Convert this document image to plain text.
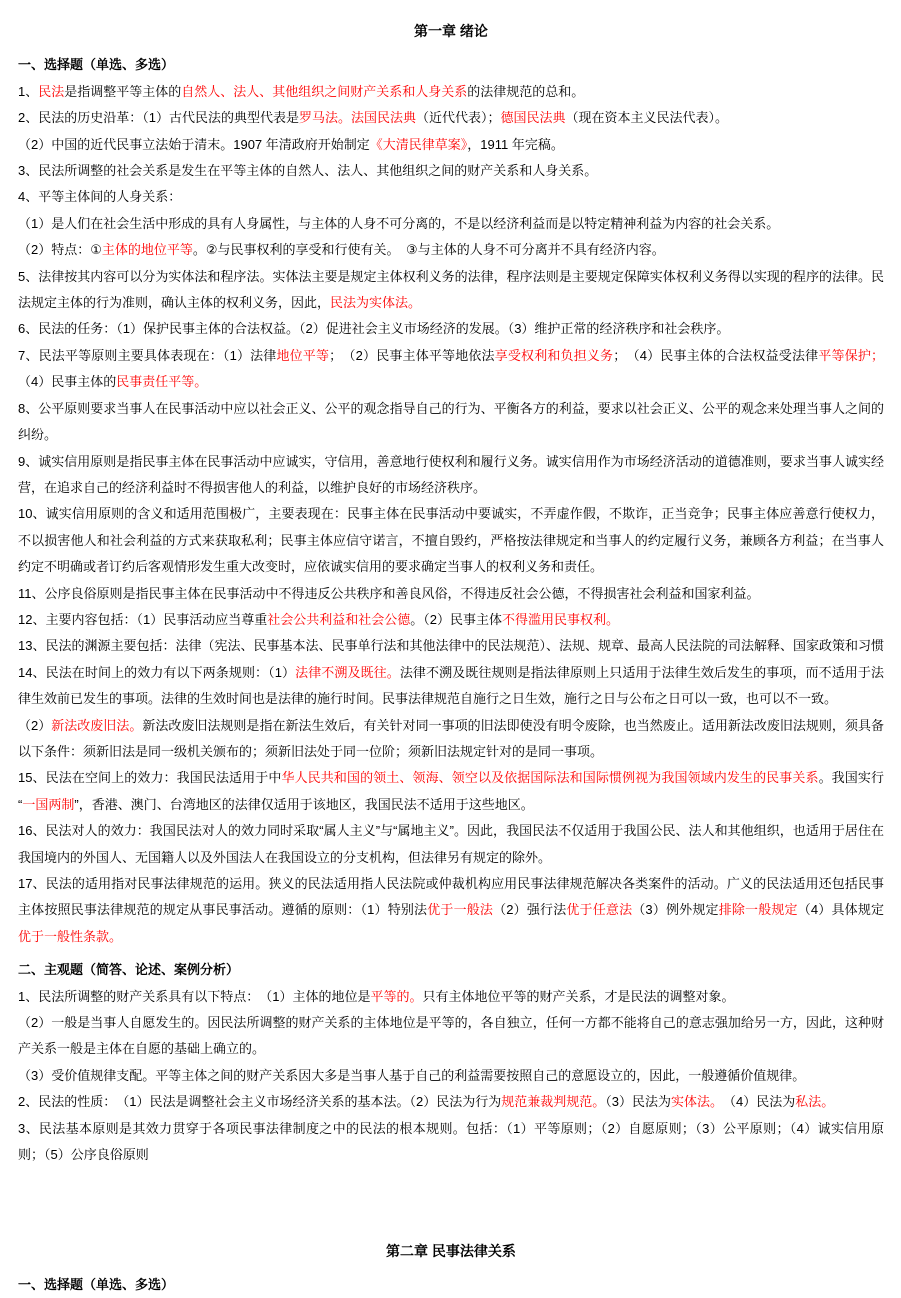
第一章 绪论
一、选择题（单选、多选）
1、民法是指调整平等主体的自然人、法人、其他组织之间财产关系和人身关系的法律规范的总和。
2、民法的历史沿革：（1）古代民法的典型代表是罗马法。法国民法典（近代代表）；德国民法典（现在资本主义民法代表）。
（2）中国的近代民事立法始于清末。1907 年清政府开始制定《大清民律草案》，1911 年完稿。
3、民法所调整的社会关系是发生在平等主体的自然人、法人、其他组织之间的财产关系和人身关系。
4、平等主体间的人身关系：
（1）是人们在社会生活中形成的具有人身属性，与主体的人身不可分离的，不是以经济利益而是以特定精神利益为内容的社会关系。
（2）特点：①主体的地位平等。②与民事权利的享受和行使有关。　③与主体的人身不可分离并不具有经济内容。
5、法律按其内容可以分为实体法和程序法。实体法主要是规定主体权利义务的法律，程序法则是主要规定保障实体权利义务得以实现的程序的法律。民法规定主体的行为准则，确认主体的权利义务，因此，民法为实体法。
6、民法的任务：（1）保护民事主体的合法权益。（2）促进社会主义市场经济的发展。（3）维护正常的经济秩序和社会秩序。
7、民法平等原则主要具体表现在：（1）法律地位平等；　（2）民事主体平等地依法享受权利和负担义务；　（4）民事主体的合法权益受法律平等保护；（4）民事主体的民事责任平等。
8、公平原则要求当事人在民事活动中应以社会正义、公平的观念指导自己的行为、平衡各方的利益，要求以社会正义、公平的观念来处理当事人之间的纠纷。
9、诚实信用原则是指民事主体在民事活动中应诚实，守信用，善意地行使权利和履行义务。诚实信用作为市场经济活动的道德准则，要求当事人诚实经营，在追求自己的经济利益时不得损害他人的利益，以维护良好的市场经济秩序。
10、诚实信用原则的含义和适用范围极广，主要表现在：民事主体在民事活动中要诚实，不弄虚作假，不欺诈，正当竞争；民事主体应善意行使权力，不以损害他人和社会利益的方式来获取私利；民事主体应信守诺言，不擅自毁约，严格按法律规定和当事人的约定履行义务，兼顾各方利益；在当事人约定不明确或者订约后客观情形发生重大改变时，应依诚实信用的要求确定当事人的权利义务和责任。
11、公序良俗原则是指民事主体在民事活动中不得违反公共秩序和善良风俗，不得违反社会公德，不得损害社会利益和国家利益。
12、主要内容包括：（1）民事活动应当尊重社会公共利益和社会公德。（2）民事主体不得滥用民事权利。
13、民法的渊源主要包括：法律（宪法、民事基本法、民事单行法和其他法律中的民法规范）、法规、规章、最高人民法院的司法解释、国家政策和习惯
14、民法在时间上的效力有以下两条规则：（1）法律不溯及既往。法律不溯及既往规则是指法律原则上只适用于法律生效后发生的事项，而不适用于法律生效前已发生的事项。法律的生效时间也是法律的施行时间。民事法律规范自施行之日生效，施行之日与公布之日可以一致，也可以不一致。
（2）新法改废旧法。新法改废旧法规则是指在新法生效后，有关针对同一事项的旧法即使没有明令废除，也当然废止。适用新法改废旧法规则，须具备以下条件：须新旧法是同一级机关颁布的；须新旧法处于同一位阶；须新旧法规定针对的是同一事项。
15、民法在空间上的效力：我国民法适用于中华人民共和国的领土、领海、领空以及依据国际法和国际惯例视为我国领域内发生的民事关系。我国实行“一国两制”，香港、澳门、台湾地区的法律仅适用于该地区，我国民法不适用于这些地区。
16、民法对人的效力：我国民法对人的效力同时采取“属人主义”与“属地主义”。因此，我国民法不仅适用于我国公民、法人和其他组织，也适用于居住在我国境内的外国人、无国籍人以及外国法人在我国设立的分支机构，但法律另有规定的除外。
17、民法的适用指对民事法律规范的运用。狭义的民法适用指人民法院或仲裁机构应用民事法律规范解决各类案件的活动。广义的民法适用还包括民事主体按照民事法律规范的规定从事民事活动。遵循的原则：（1）特别法优于一般法（2）强行法优于任意法（3）例外规定排除一般规定（4）具体规定优于一般性条款。
二、主观题（简答、论述、案例分析）
1、民法所调整的财产关系具有以下特点：　（1）主体的地位是平等的。只有主体地位平等的财产关系，才是民法的调整对象。
（2）一般是当事人自愿发生的。因民法所调整的财产关系的主体地位是平等的，各自独立，任何一方都不能将自己的意志强加给另一方，因此，这种财产关系一般是主体在自愿的基础上确立的。
（3）受价值规律支配。平等主体之间的财产关系因大多是当事人基于自己的利益需要按照自己的意愿设立的，因此，一般遵循价值规律。
2、民法的性质：　（1）民法是调整社会主义市场经济关系的基本法。（2）民法为行为规范兼裁判规范。（3）民法为实体法。　（4）民法为私法。
3、民法基本原则是其效力贯穿于各项民事法律制度之中的民法的根本规则。包括：（1）平等原则；（2）自愿原则；（3）公平原则；（4）诚实信用原则；（5）公序良俗原则
第二章 民事法律关系
一、选择题（单选、多选）
